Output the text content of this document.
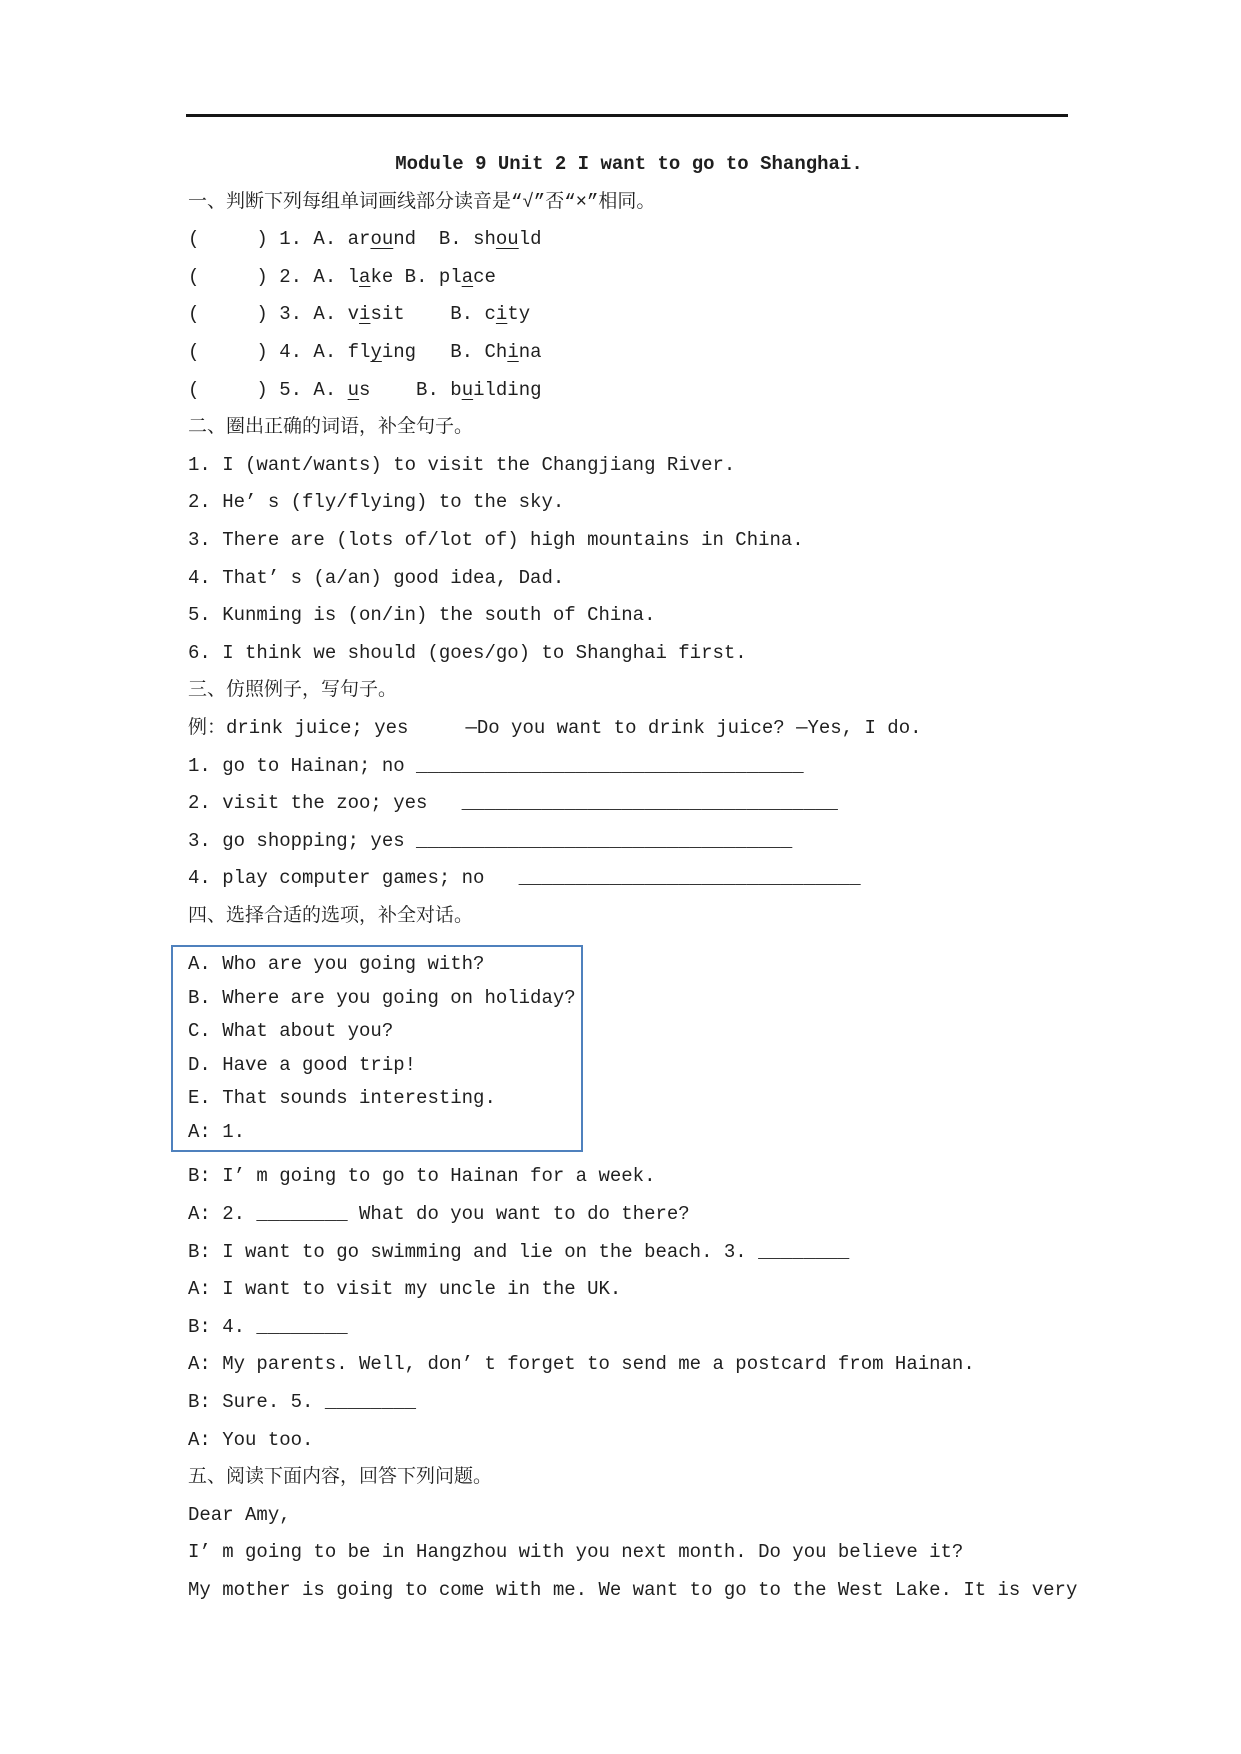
Module 9 Unit 2 I want to go to Shanghai.
一、判断下列每组单词画线部分读音是“√”否“×”相同。
(     ) 1. A. around  B. should
(     ) 2. A. lake B. place
(     ) 3. A. visit    B. city
(     ) 4. A. flying   B. China
(     ) 5. A. us    B. building
二、圈出正确的词语，补全句子。
1. I (want/wants) to visit the Changjiang River.
2. He’ s (fly/flying) to the sky.
3. There are (lots of/lot of) high mountains in China.
4. That’ s (a/an) good idea, Dad.
5. Kunming is (on/in) the south of China.
6. I think we should (goes/go) to Shanghai first.
三、仿照例子，写句子。
例：drink juice; yes     —Do you want to drink juice? —Yes, I do.
1. go to Hainan; no __________________________________
2. visit the zoo; yes   _________________________________
3. go shopping; yes _________________________________
4. play computer games; no   ______________________________
四、选择合适的选项，补全对话。
A. Who are you going with?
B. Where are you going on holiday?
C. What about you?
D. Have a good trip!
E. That sounds interesting.
A: 1.
B: I’ m going to go to Hainan for a week.
A: 2. ________ What do you want to do there?
B: I want to go swimming and lie on the beach. 3. ________
A: I want to visit my uncle in the UK.
B: 4. ________
A: My parents. Well, don’ t forget to send me a postcard from Hainan.
B: Sure. 5. ________
A: You too.
五、阅读下面内容，回答下列问题。
Dear Amy,
I’ m going to be in Hangzhou with you next month. Do you believe it?
My mother is going to come with me. We want to go to the West Lake. It is very
